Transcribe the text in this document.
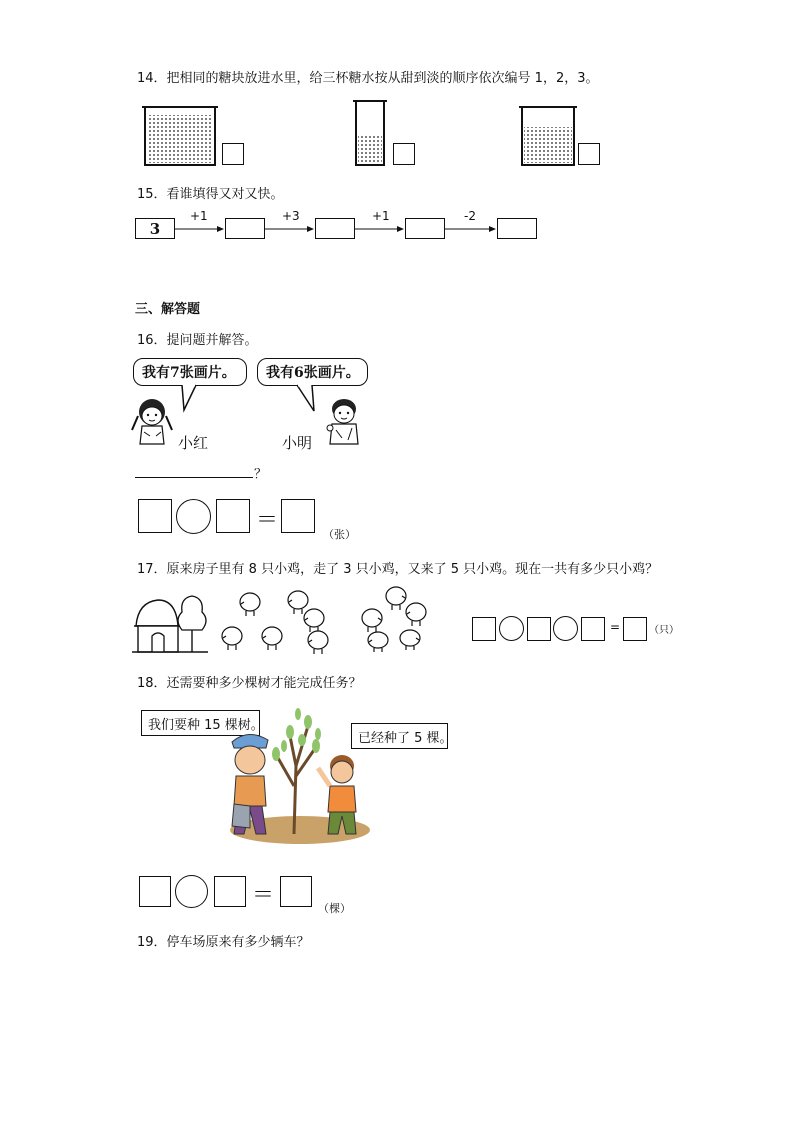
14．把相同的糖块放进水里，给三杯糖水按从甜到淡的顺序依次编号 1，2，3。
15．看谁填得又对又快。
3
+1	+3	+1	-2
三、解答题
16．提问题并解答。
我有7张画片。 我有6张画片。
小红	小明
？
＝
（张）
17．原来房子里有 8 只小鸡，走了 3 只小鸡，又来了 5 只小鸡。现在一共有多少只小鸡？
=	（只）
18．还需要种多少棵树才能完成任务？
我们要种 15 棵树。
已经种了 5 棵。
＝
（棵）
19．停车场原来有多少辆车？
